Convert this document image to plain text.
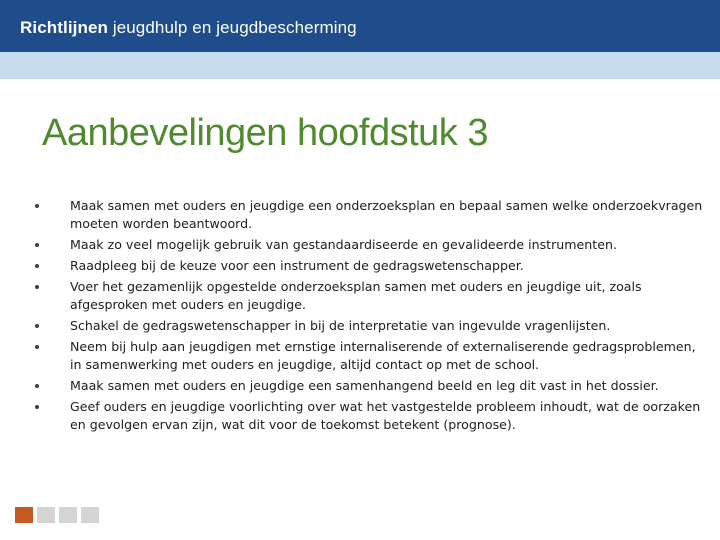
Richtlijnen jeugdhulp en jeugdbescherming
Aanbevelingen hoofdstuk 3
Maak samen met ouders en jeugdige een onderzoeksplan en bepaal samen welke onderzoekvragen moeten worden beantwoord.
Maak zo veel mogelijk gebruik van gestandaardiseerde en gevalideerde instrumenten.
Raadpleeg bij de keuze voor een instrument de gedragswetenschapper.
Voer het gezamenlijk opgestelde onderzoeksplan samen met ouders en jeugdige uit, zoals afgesproken met ouders en jeugdige.
Schakel de gedragswetenschapper in bij de interpretatie van ingevulde vragenlijsten.
Neem bij hulp aan jeugdigen met ernstige internaliserende of externaliserende gedragsproblemen, in samenwerking met ouders en jeugdige, altijd contact op met de school.
Maak samen met ouders en jeugdige een samenhangend beeld en leg dit vast in het dossier.
Geef ouders en jeugdige voorlichting over wat het vastgestelde probleem inhoudt, wat de oorzaken en gevolgen ervan zijn, wat dit voor de toekomst betekent (prognose).
